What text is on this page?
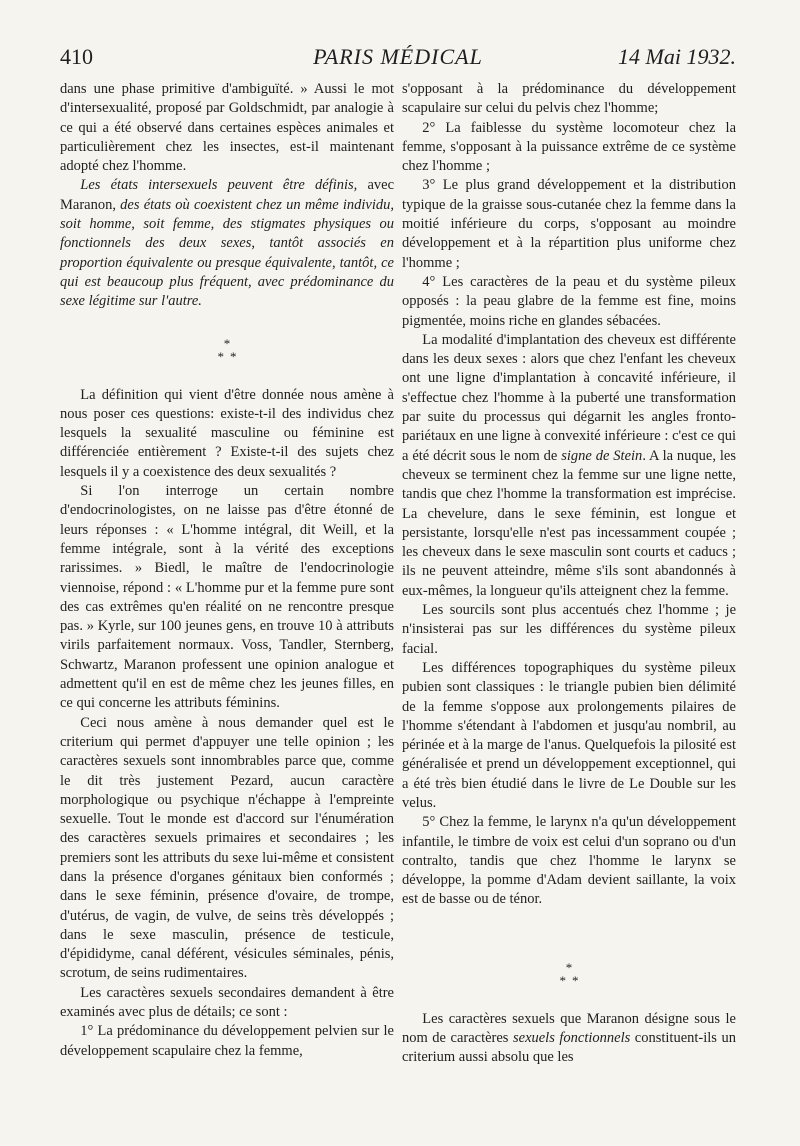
410	PARIS MÉDICAL	14 Mai 1932.

dans une phase primitive d'ambiguïté. » Aussi le mot d'intersexualité, proposé par Goldschmidt, par analogie à ce qui a été observé dans certaines espèces animales et particulièrement chez les insectes, est-il maintenant adopté chez l'homme.

Les états intersexuels peuvent être définis, avec Maranon, des états où coexistent chez un même individu, soit homme, soit femme, des stigmates physiques ou fonctionnels des deux sexes, tantôt associés en proportion équivalente ou presque équivalente, tantôt, ce qui est beaucoup plus fréquent, avec prédominance du sexe légitime sur l'autre.

*
**

La définition qui vient d'être donnée nous amène à nous poser ces questions: existe-t-il des individus chez lesquels la sexualité masculine ou féminine est différenciée entièrement ? Existe-t-il des sujets chez lesquels il y a coexistence des deux sexualités ?

Si l'on interroge un certain nombre d'endocrinologistes, on ne laisse pas d'être étonné de leurs réponses : « L'homme intégral, dit Weill, et la femme intégrale, sont à la vérité des exceptions rarissimes. » Biedl, le maître de l'endocrinologie viennoise, répond : « L'homme pur et la femme pure sont des cas extrêmes qu'en réalité on ne rencontre presque pas. » Kyrle, sur 100 jeunes gens, en trouve 10 à attributs virils parfaitement normaux. Voss, Tandler, Sternberg, Schwartz, Maranon professent une opinion analogue et admettent qu'il en est de même chez les jeunes filles, en ce qui concerne les attributs féminins.

Ceci nous amène à nous demander quel est le criterium qui permet d'appuyer une telle opinion ; les caractères sexuels sont innombrables parce que, comme le dit très justement Pezard, aucun caractère morphologique ou psychique n'échappe à l'empreinte sexuelle. Tout le monde est d'accord sur l'énumération des caractères sexuels primaires et secondaires ; les premiers sont les attributs du sexe lui-même et consistent dans la présence d'organes génitaux bien conformés ; dans le sexe féminin, présence d'ovaire, de trompe, d'utérus, de vagin, de vulve, de seins très développés ; dans le sexe masculin, présence de testicule, d'épididyme, canal déférent, vésicules séminales, pénis, scrotum, de seins rudimentaires.

Les caractères sexuels secondaires demandent à être examinés avec plus de détails; ce sont :

1° La prédominance du développement pelvien sur le développement scapulaire chez la femme,

s'opposant à la prédominance du développement scapulaire sur celui du pelvis chez l'homme;

2° La faiblesse du système locomoteur chez la femme, s'opposant à la puissance extrême de ce système chez l'homme ;

3° Le plus grand développement et la distribution typique de la graisse sous-cutanée chez la femme dans la moitié inférieure du corps, s'opposant au moindre développement et à la répartition plus uniforme chez l'homme ;

4° Les caractères de la peau et du système pileux opposés : la peau glabre de la femme est fine, moins pigmentée, moins riche en glandes sébacées.

La modalité d'implantation des cheveux est différente dans les deux sexes : alors que chez l'enfant les cheveux ont une ligne d'implantation à concavité inférieure, il s'effectue chez l'homme à la puberté une transformation par suite du processus qui dégarnit les angles fronto-pariétaux en une ligne à convexité inférieure : c'est ce qui a été décrit sous le nom de signe de Stein. A la nuque, les cheveux se terminent chez la femme sur une ligne nette, tandis que chez l'homme la transformation est imprécise. La chevelure, dans le sexe féminin, est longue et persistante, lorsqu'elle n'est pas incessamment coupée ; les cheveux dans le sexe masculin sont courts et caducs ; ils ne peuvent atteindre, même s'ils sont abandonnés à eux-mêmes, la longueur qu'ils atteignent chez la femme.

Les sourcils sont plus accentués chez l'homme ; je n'insisterai pas sur les différences du système pileux facial.

Les différences topographiques du système pileux pubien sont classiques : le triangle pubien bien délimité de la femme s'oppose aux prolongements pilaires de l'homme s'étendant à l'abdomen et jusqu'au nombril, au périnée et à la marge de l'anus. Quelquefois la pilosité est généralisée et prend un développement exceptionnel, qui a été très bien étudié dans le livre de Le Double sur les velus.

5° Chez la femme, le larynx n'a qu'un développement infantile, le timbre de voix est celui d'un soprano ou d'un contralto, tandis que chez l'homme le larynx se développe, la pomme d'Adam devient saillante, la voix est de basse ou de ténor.

*
**

Les caractères sexuels que Maranon désigne sous le nom de caractères sexuels fonctionnels constituent-ils un criterium aussi absolu que les
